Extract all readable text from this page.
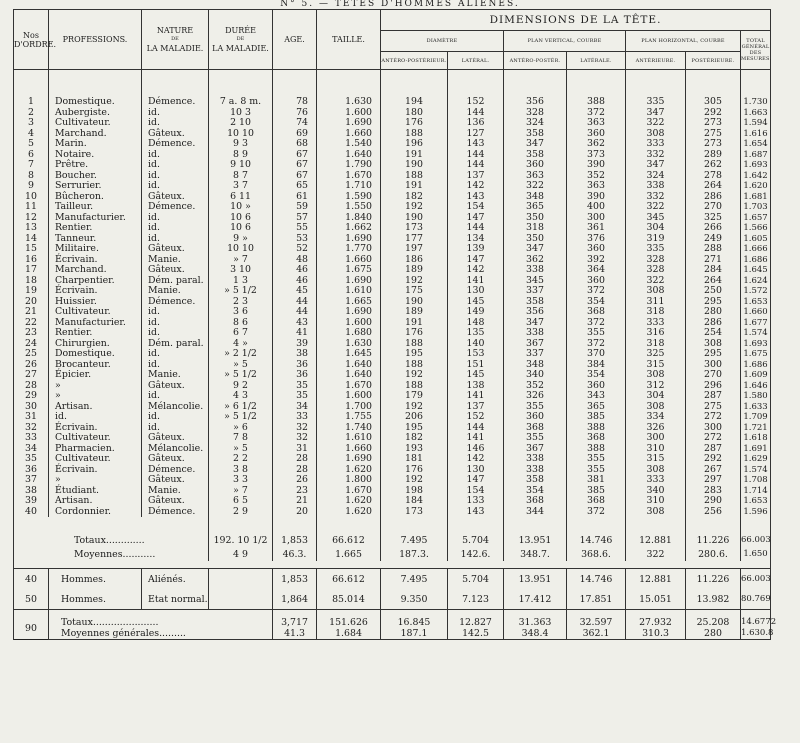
N° 5. — TÊTES D'HOMMES ALIÉNÉS.
Nos D'ORDRE.	PROFESSIONS.	NATURE
DE
LA MALADIE.	DURÉE
DE
LA MALADIE.	AGE.	TAILLE.	DIMENSIONS DE LA TÊTE.						
						DIAMÈTRE		PLAN VERTICAL, COURBE		PLAN HORIZONTAL, COURBE		TOTAL GÉNÉRAL
DES
MESURES.

						ANTÉRO-POSTÉRIEUR.	LATÉRAL.	ANTÉRO-POSTÉR.	LATÉRALE.	ANTÉRIEURE.	POSTÉRIEURE.	
1	Domestique.	Démence.	7 a. 8 m.	78	1.630	194	152	356	388	335	305	1.730
2	Aubergiste.	id.	10 3	76	1.600	180	144	328	372	347	292	1.663
3	Cultivateur.	id.	2 10	74	1.690	176	136	324	363	322	273	1.594
4	Marchand.	Gâteux.	10 10	69	1.660	188	127	358	360	308	275	1.616
5	Marin.	Démence.	9 3	68	1.540	196	143	347	362	333	273	1.654
6	Notaire.	id.	8 9	67	1.640	191	144	358	373	332	289	1.687
7	Prêtre.	id.	9 10	67	1.790	190	144	360	390	347	262	1.693
8	Boucher.	id.	8 7	67	1.670	188	137	363	352	324	278	1.642
9	Serrurier.	id.	3 7	65	1.710	191	142	322	363	338	264	1.620
10	Bûcheron.	Gâteux.	6 11	61	1.590	182	143	348	390	332	286	1.681
11	Tailleur.	Démence.	10 »	59	1.550	192	154	365	400	322	270	1.703
12	Manufacturier.	id.	10 6	57	1.840	190	147	350	300	345	325	1.657
13	Rentier.	id.	10 6	55	1.662	173	144	318	361	304	266	1.566
14	Tanneur.	id.	9 »	53	1.690	177	134	350	376	319	249	1.605
15	Militaire.	Gâteux.	10 10	52	1.770	197	139	347	360	335	288	1.666
16	Écrivain.	Manie.	» 7	48	1.660	186	147	362	392	328	271	1.686
17	Marchand.	Gâteux.	3 10	46	1.675	189	142	338	364	328	284	1.645
18	Charpentier.	Dém. paral.	1 3	46	1.690	192	141	345	360	322	264	1.624
19	Écrivain.	Manie.	» 5 1/2	45	1.610	175	130	337	372	308	250	1.572
20	Huissier.	Démence.	2 3	44	1.665	190	145	358	354	311	295	1.653
21	Cultivateur.	id.	3 6	44	1.690	189	149	356	368	318	280	1.660
22	Manufacturier.	id.	8 6	43	1.600	191	148	347	372	333	286	1.677
23	Rentier.	id.	6 7	41	1.680	176	135	338	355	316	254	1.574
24	Chirurgien.	Dém. paral.	4 »	39	1.630	188	140	367	372	318	308	1.693
25	Domestique.	id.	» 2 1/2	38	1.645	195	153	337	370	325	295	1.675
26	Brocanteur.	id.	» 5	36	1.640	188	151	348	384	315	300	1.686
27	Épicier.	Manie.	» 5 1/2	36	1.640	192	145	340	354	308	270	1.609
28	»	Gâteux.	9 2	35	1.670	188	138	352	360	312	296	1.646
29	»	id.	4 3	35	1.600	179	141	326	343	304	287	1.580
30	Artisan.	Mélancolie.	» 6 1/2	34	1.700	192	137	355	365	308	275	1.633
31	id.	id.	» 5 1/2	33	1.755	206	152	360	385	334	272	1.709
32	Écrivain.	id.	» 6	32	1.740	195	144	368	388	326	300	1.721
33	Cultivateur.	Gâteux.	7 8	32	1.610	182	141	355	368	300	272	1.618
34	Pharmacien.	Mélancolie.	» 5	31	1.660	193	146	367	388	310	287	1.691
35	Cultivateur.	Gâteux.	2 2	28	1.690	181	142	338	355	315	292	1.629
36	Écrivain.	Démence.	3 8	28	1.620	176	130	338	355	308	267	1.574
37	»	Gâteux.	3 3	26	1.800	192	147	358	381	333	297	1.708
38	Étudiant.	Manie.	» 7	23	1.670	198	154	354	385	340	283	1.714
39	Artisan.	Gâteux.	6 5	21	1.620	184	133	368	368	310	290	1.653
40	Cordonnier.	Démence.	2 9	20	1.620	173	143	344	372	308	256	1.596
Totaux.............			192. 10 1/2	1,853	66.612	7.495	5.704	13.951	14.746	12.881	11.226	66.003
Moyennes...........			4 9	46.3.	1.665	187.3.	142.6.	348.7.	368.6.	322	280.6.	1.650

40	Hommes.	Aliénés.		1,853	66.612	7.495	5.704	13.951	14.746	12.881	11.226	66.003
50	Hommes.	Etat normal.		1,864	85.014	9.350	7.123	17.412	17.851	15.051	13.982	80.769
90	Totaux......................			3,717	151.626	16.845	12.827	31.363	32.597	27.932	25.208	14.6772
	Moyennes générales.........			41.3	1.684	187.1	142.5	348.4	362.1	310.3	280	1.630.8
